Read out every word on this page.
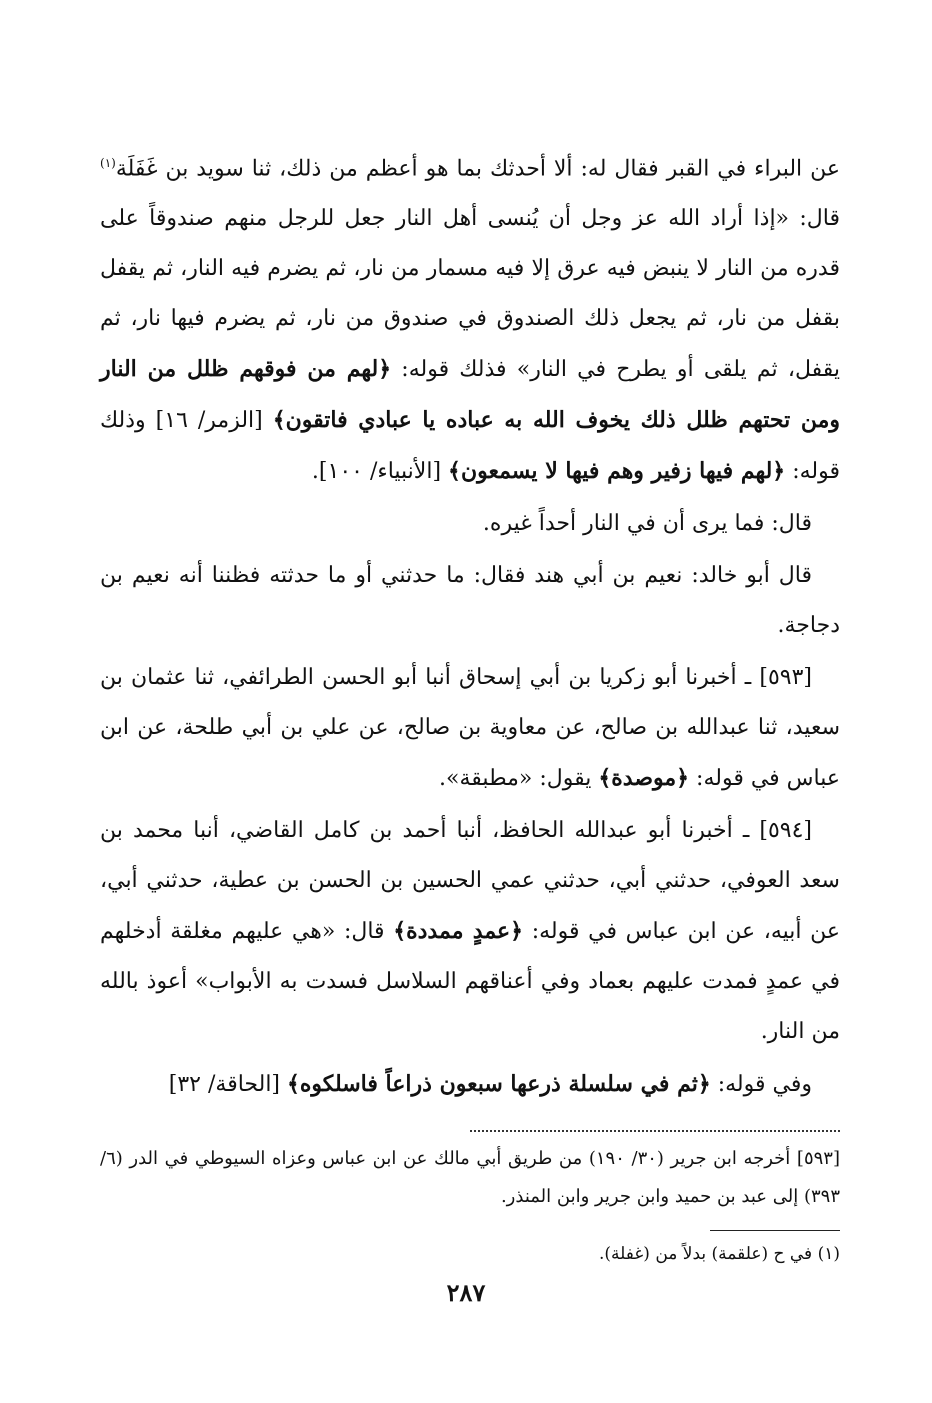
عن البراء في القبر فقال له: ألا أحدثك بما هو أعظم من ذلك، ثنا سويد بن غَفَلَة$^{(١)}$ قال: «إذا أراد الله عز وجل أن يُنسى أهل النار جعل للرجل منهم صندوقاً على قدره من النار لا ينبض فيه عرق إلا فيه مسمار من نار، ثم يضرم فيه النار، ثم يقفل بقفل من نار، ثم يجعل ذلك الصندوق في صندوق من نار، ثم يضرم فيها نار، ثم يقفل، ثم يلقى أو يطرح في النار» فذلك قوله: ﴿لهم من فوقهم ظلل من النار ومن تحتهم ظلل ذلك يخوف الله به عباده يا عبادي فاتقون﴾ [الزمر/ ١٦] وذلك قوله: ﴿لهم فيها زفير وهم فيها لا يسمعون﴾ [الأنبياء/ ١٠٠].

قال: فما يرى أن في النار أحداً غيره.

قال أبو خالد: نعيم بن أبي هند فقال: ما حدثني أو ما حدثته فظننا أنه نعيم بن دجاجة.

[٥٩٣] ـ أخبرنا أبو زكريا بن أبي إسحاق أنبا أبو الحسن الطرائفي، ثنا عثمان بن سعيد، ثنا عبدالله بن صالح، عن معاوية بن صالح، عن علي بن أبي طلحة، عن ابن عباس في قوله: ﴿موصدة﴾ يقول: «مطبقة».

[٥٩٤] ـ أخبرنا أبو عبدالله الحافظ، أنبا أحمد بن كامل القاضي، أنبا محمد بن سعد العوفي، حدثني أبي، حدثني عمي الحسين بن الحسن بن عطية، حدثني أبي، عن أبيه، عن ابن عباس في قوله: ﴿عمدٍ ممددة﴾ قال: «هي عليهم مغلقة أدخلهم في عمدٍ فمدت عليهم بعماد وفي أعناقهم السلاسل فسدت به الأبواب» أعوذ بالله من النار.

وفي قوله: ﴿ثم في سلسلة ذرعها سبعون ذراعاً فاسلكوه﴾ [الحاقة/ ٣٢]

[٥٩٣] أخرجه ابن جرير (٣٠/ ١٩٠) من طريق أبي مالك عن ابن عباس وعزاه السيوطي في الدر (٦/ ٣٩٣) إلى عبد بن حميد وابن جرير وابن المنذر.

(١) في ح (علقمة) بدلاً من (غفلة).

٢٨٧
